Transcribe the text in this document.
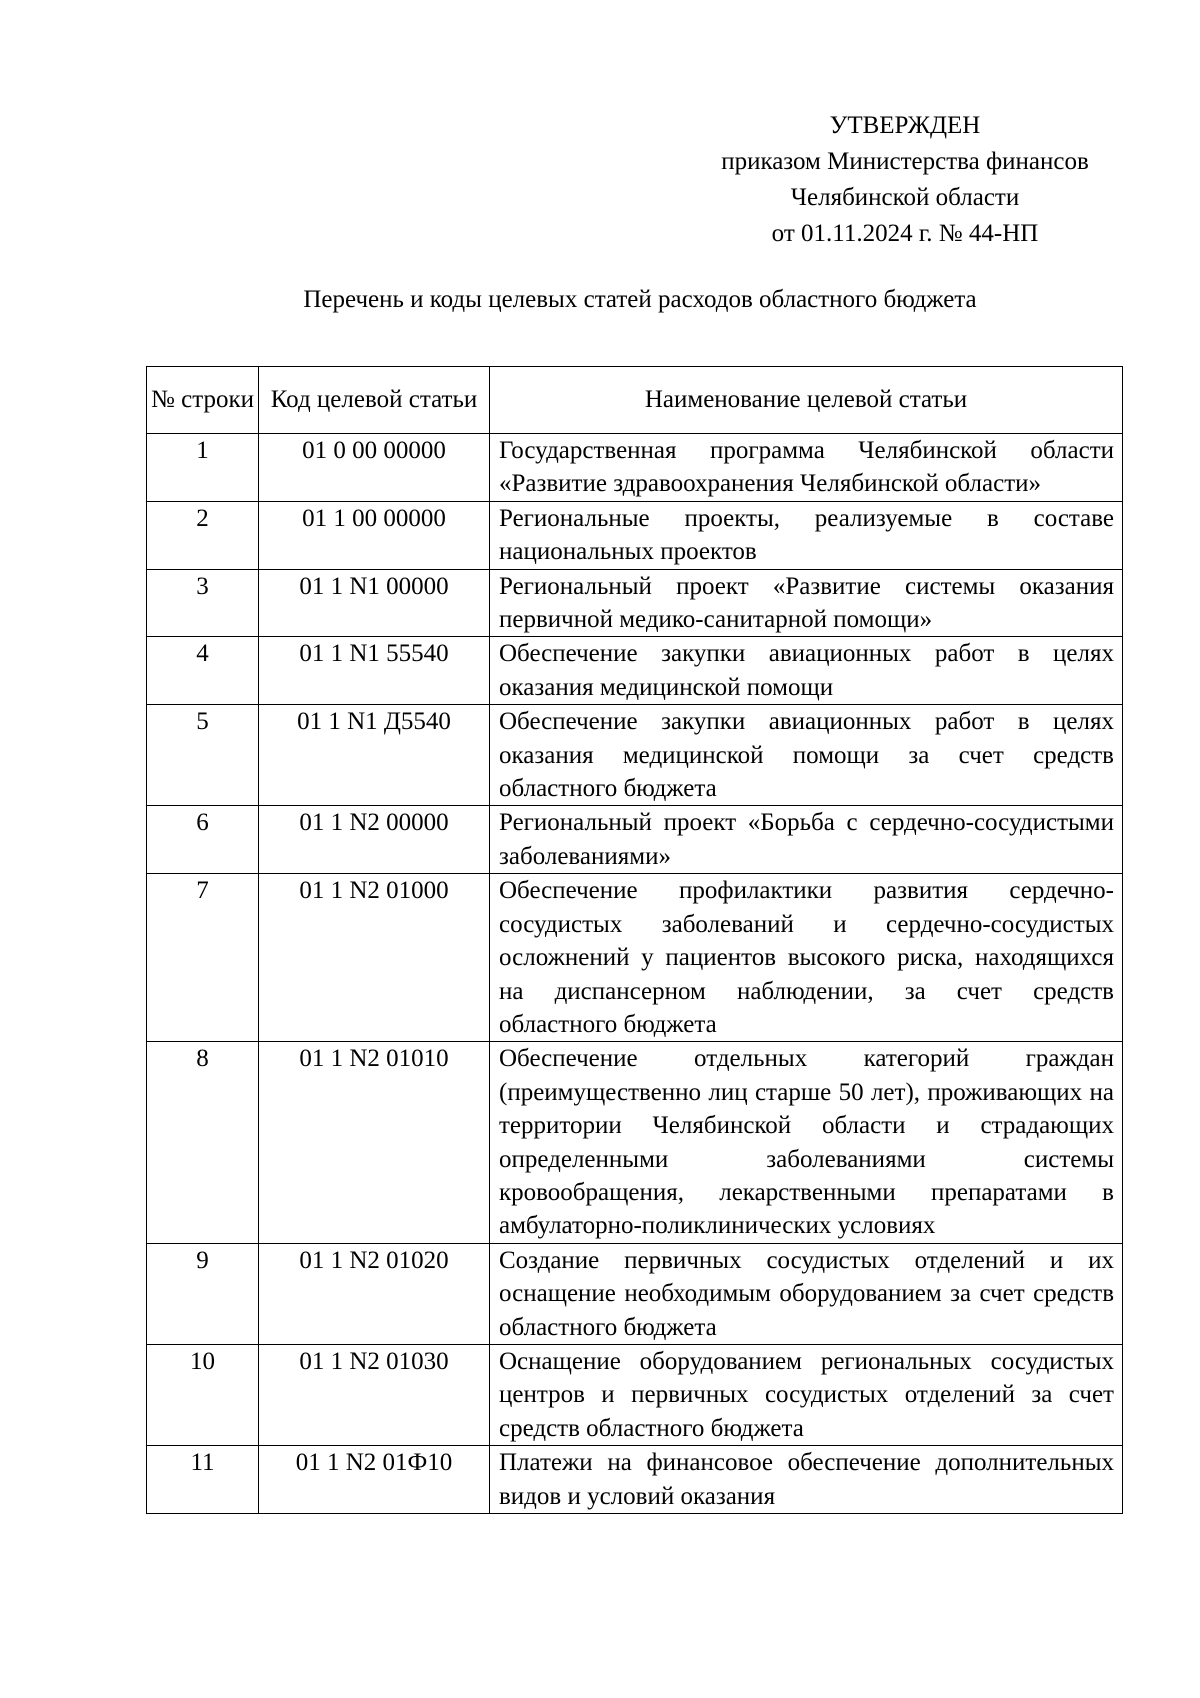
УТВЕРЖДЕН
приказом Министерства финансов
Челябинской области
от 01.11.2024 г. № 44-НП
Перечень и коды целевых статей расходов областного бюджета
№ строки	Код целевой статьи	Наименование целевой статьи
1	01 0 00 00000	Государственная программа Челябинской области «Развитие здравоохранения Челябинской области»
2	01 1 00 00000	Региональные проекты, реализуемые в составе национальных проектов
3	01 1 N1 00000	Региональный проект «Развитие системы оказания первичной медико-санитарной помощи»
4	01 1 N1 55540	Обеспечение закупки авиационных работ в целях оказания медицинской помощи
5	01 1 N1 Д5540	Обеспечение закупки авиационных работ в целях оказания медицинской помощи за счет средств областного бюджета
6	01 1 N2 00000	Региональный проект «Борьба с сердечно-сосудистыми заболеваниями»
7	01 1 N2 01000	Обеспечение профилактики развития сердечно-сосудистых заболеваний и сердечно-сосудистых осложнений у пациентов высокого риска, находящихся на диспансерном наблюдении, за счет средств областного бюджета
8	01 1 N2 01010	Обеспечение отдельных категорий граждан (преимущественно лиц старше 50 лет), проживающих на территории Челябинской области и страдающих определенными заболеваниями системы кровообращения, лекарственными препаратами в амбулаторно-поликлинических условиях
9	01 1 N2 01020	Создание первичных сосудистых отделений и их оснащение необходимым оборудованием за счет средств областного бюджета
10	01 1 N2 01030	Оснащение оборудованием региональных сосудистых центров и первичных сосудистых отделений за счет средств областного бюджета
11	01 1 N2 01Ф10	Платежи на финансовое обеспечение дополнительных видов и условий оказания
